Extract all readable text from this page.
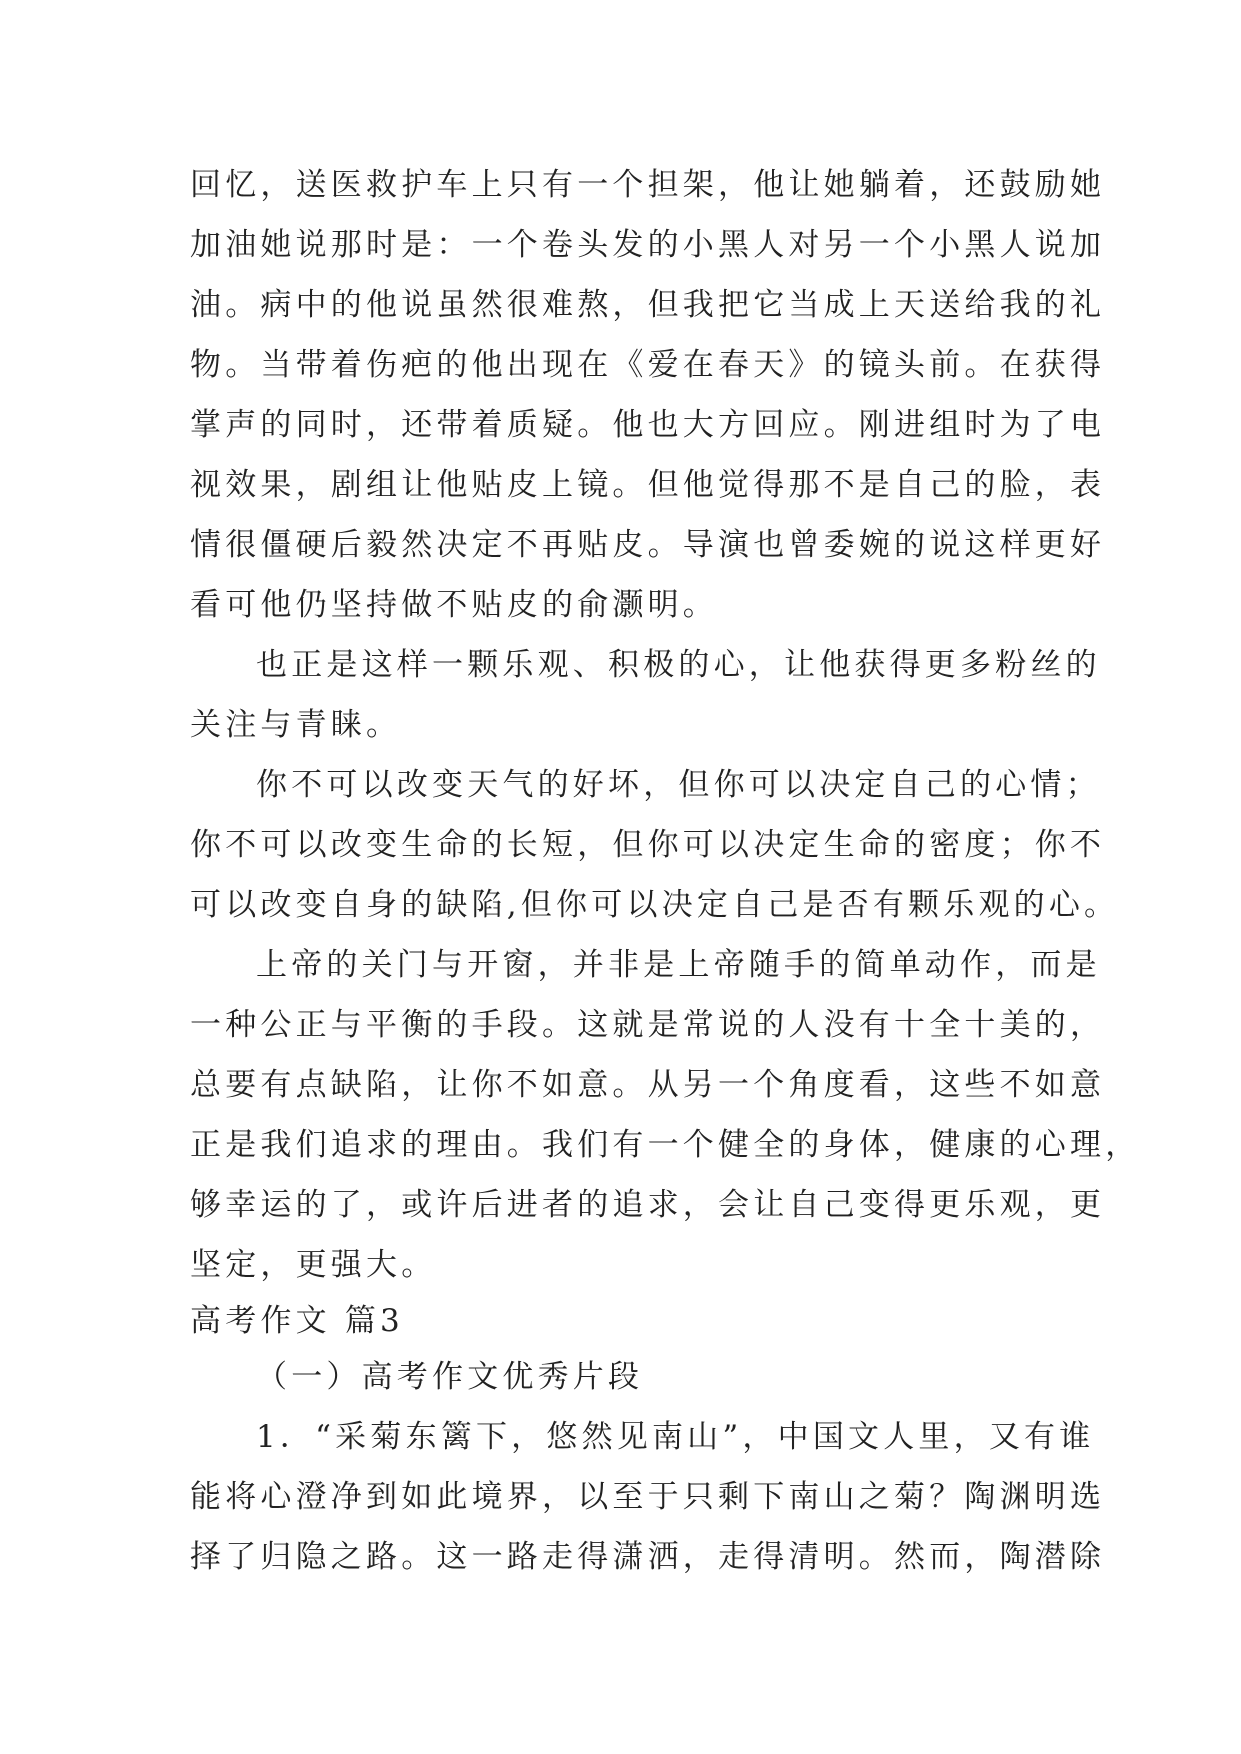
回忆，送医救护车上只有一个担架，他让她躺着，还鼓励她
加油她说那时是：一个卷头发的小黑人对另一个小黑人说加
油。病中的他说虽然很难熬，但我把它当成上天送给我的礼
物。当带着伤疤的他出现在《爱在春天》的镜头前。在获得
掌声的同时，还带着质疑。他也大方回应。刚进组时为了电
视效果，剧组让他贴皮上镜。但他觉得那不是自己的脸，表
情很僵硬后毅然决定不再贴皮。导演也曾委婉的说这样更好
看可他仍坚持做不贴皮的俞灏明。
也正是这样一颗乐观、积极的心，让他获得更多粉丝的
关注与青睐。
你不可以改变天气的好坏，但你可以决定自己的心情；
你不可以改变生命的长短，但你可以决定生命的密度；你不
可以改变自身的缺陷,但你可以决定自己是否有颗乐观的心。
上帝的关门与开窗，并非是上帝随手的简单动作，而是
一种公正与平衡的手段。这就是常说的人没有十全十美的，
总要有点缺陷，让你不如意。从另一个角度看，这些不如意
正是我们追求的理由。我们有一个健全的身体，健康的心理，
够幸运的了，或许后进者的追求，会让自己变得更乐观，更
坚定，更强大。
高考作文 篇3
（一）高考作文优秀片段
1．“采菊东篱下，悠然见南山”，中国文人里，又有谁
能将心澄净到如此境界，以至于只剩下南山之菊？陶渊明选
择了归隐之路。这一路走得潇洒，走得清明。然而，陶潜除
